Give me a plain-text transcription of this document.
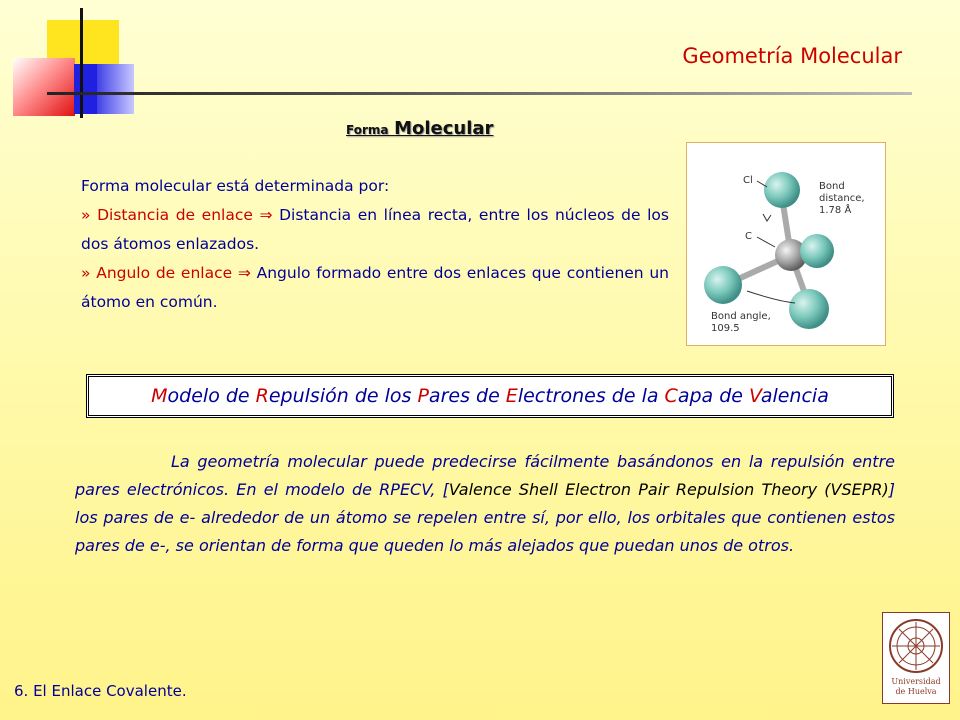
Geometría Molecular
Forma Molecular

Forma molecular está determinada por:

» Distancia de enlace ⇒ Distancia en línea recta, entre los núcleos de los dos átomos enlazados.

» Angulo de enlace ⇒ Angulo formado entre dos enlaces que contienen un átomo en común.

Cl
C
Bond
distance,
1.78 Å
Bond angle,
109.5
Modelo de Repulsión de los Pares de Electrones de la Capa de Valencia
La geometría molecular puede predecirse fácilmente basándonos en la repulsión entre pares electrónicos. En el modelo de RPECV, [Valence Shell Electron Pair Repulsion Theory (VSEPR)] los pares de e- alrededor de un átomo se repelen entre sí, por ello, los orbitales que contienen estos pares de e-, se orientan de forma que queden lo más alejados que puedan unos de otros.
6. El Enlace Covalente.
Universidad
de Huelva
